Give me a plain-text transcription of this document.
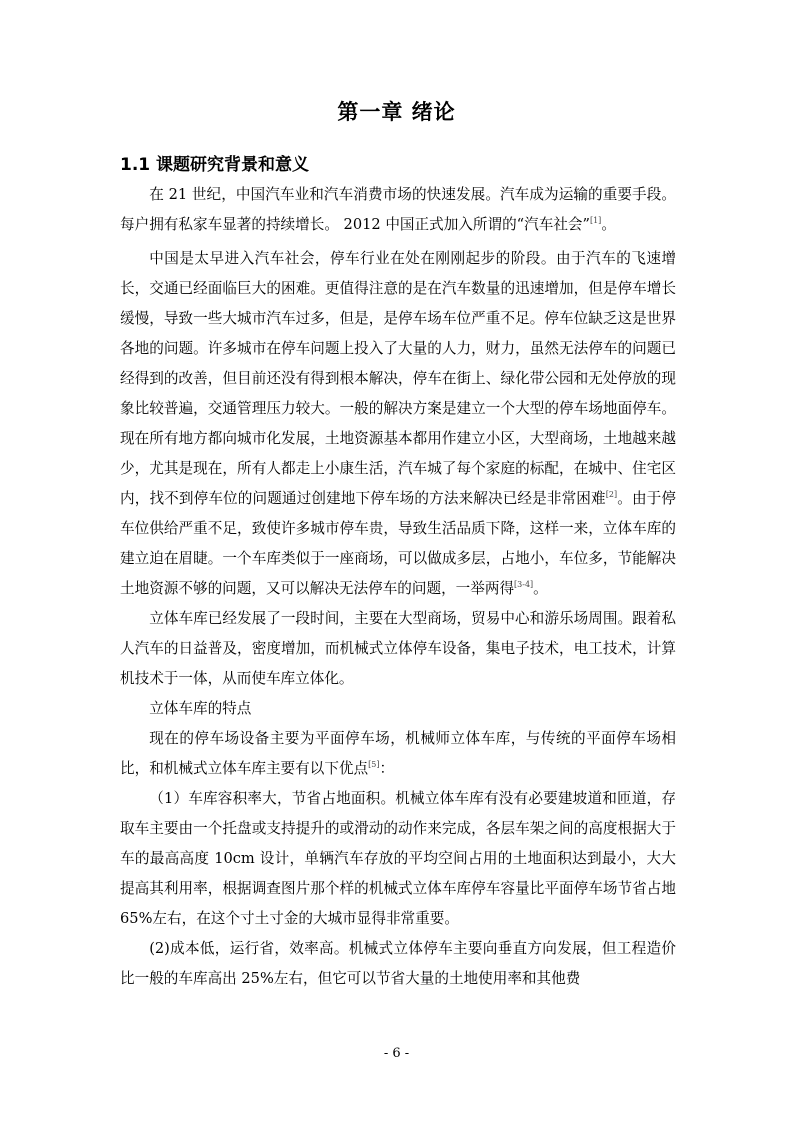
第一章 绪论
1.1 课题研究背景和意义

在 21 世纪，中国汽车业和汽车消费市场的快速发展。汽车成为运输的重要手段。每户拥有私家车显著的持续增长。 2012 中国正式加入所谓的“汽车社会”[1]。

中国是太早进入汽车社会，停车行业在处在刚刚起步的阶段。由于汽车的飞速增长，交通已经面临巨大的困难。更值得注意的是在汽车数量的迅速增加，但是停车增长缓慢，导致一些大城市汽车过多，但是，是停车场车位严重不足。停车位缺乏这是世界各地的问题。许多城市在停车问题上投入了大量的人力，财力，虽然无法停车的问题已经得到的改善，但目前还没有得到根本解决，停车在街上、绿化带公园和无处停放的现象比较普遍，交通管理压力较大。一般的解决方案是建立一个大型的停车场地面停车。现在所有地方都向城市化发展，土地资源基本都用作建立小区，大型商场，土地越来越少，尤其是现在，所有人都走上小康生活，汽车城了每个家庭的标配，在城中、住宅区内，找不到停车位的问题通过创建地下停车场的方法来解决已经是非常困难[2]。由于停车位供给严重不足，致使许多城市停车贵，导致生活品质下降，这样一来，立体车库的建立迫在眉睫。一个车库类似于一座商场，可以做成多层，占地小，车位多，节能解决土地资源不够的问题，又可以解决无法停车的问题，一举两得[3-4]。

立体车库已经发展了一段时间，主要在大型商场，贸易中心和游乐场周围。跟着私人汽车的日益普及，密度增加，而机械式立体停车设备，集电子技术，电工技术，计算机技术于一体，从而使车库立体化。

立体车库的特点

现在的停车场设备主要为平面停车场，机械师立体车库，与传统的平面停车场相比，和机械式立体车库主要有以下优点[5]：

（1）车库容积率大，节省占地面积。机械立体车库有没有必要建坡道和匝道，存取车主要由一个托盘或支持提升的或滑动的动作来完成，各层车架之间的高度根据大于车的最高高度 10cm 设计，单辆汽车存放的平均空间占用的土地面积达到最小，大大提高其利用率，根据调查图片那个样的机械式立体车库停车容量比平面停车场节省占地 65%左右，在这个寸土寸金的大城市显得非常重要。

(2)成本低，运行省，效率高。机械式立体停车主要向垂直方向发展，但工程造价比一般的车库高出 25%左右，但它可以节省大量的土地使用率和其他费

- 6 -
